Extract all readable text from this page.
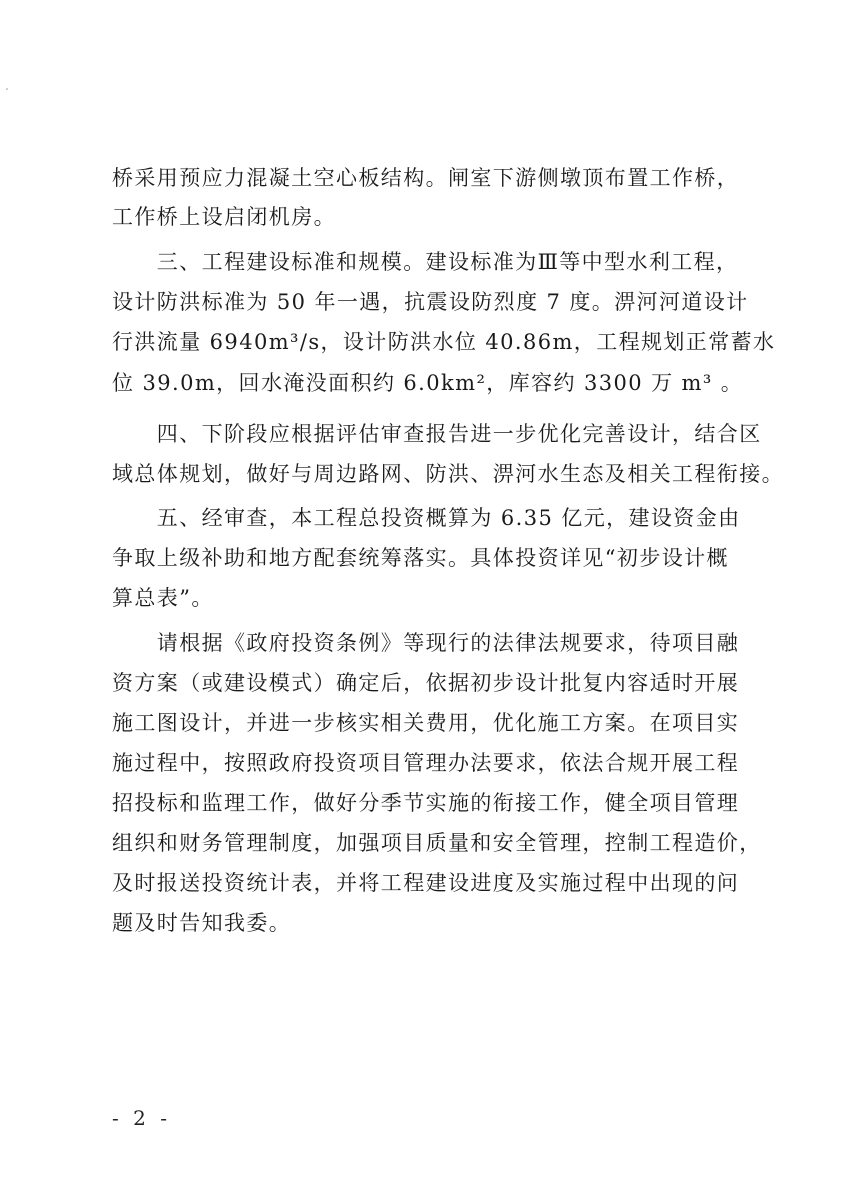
桥采用预应力混凝土空心板结构。闸室下游侧墩顶布置工作桥，
工作桥上设启闭机房。
　　三、工程建设标准和规模。建设标准为Ⅲ等中型水利工程，
设计防洪标准为 50 年一遇，抗震设防烈度 7 度。淠河河道设计
行洪流量 6940m³/s，设计防洪水位 40.86m，工程规划正常蓄水
位 39.0m，回水淹没面积约 6.0km²，库容约 3300 万 m³ 。
　　四、下阶段应根据评估审查报告进一步优化完善设计，结合区
域总体规划，做好与周边路网、防洪、淠河水生态及相关工程衔接。
　　五、经审查，本工程总投资概算为 6.35 亿元，建设资金由
争取上级补助和地方配套统筹落实。具体投资详见“初步设计概
算总表”。
　　请根据《政府投资条例》等现行的法律法规要求，待项目融
资方案（或建设模式）确定后，依据初步设计批复内容适时开展
施工图设计，并进一步核实相关费用，优化施工方案。在项目实
施过程中，按照政府投资项目管理办法要求，依法合规开展工程
招投标和监理工作，做好分季节实施的衔接工作，健全项目管理
组织和财务管理制度，加强项目质量和安全管理，控制工程造价，
及时报送投资统计表，并将工程建设进度及实施过程中出现的问
题及时告知我委。
- 2 -
